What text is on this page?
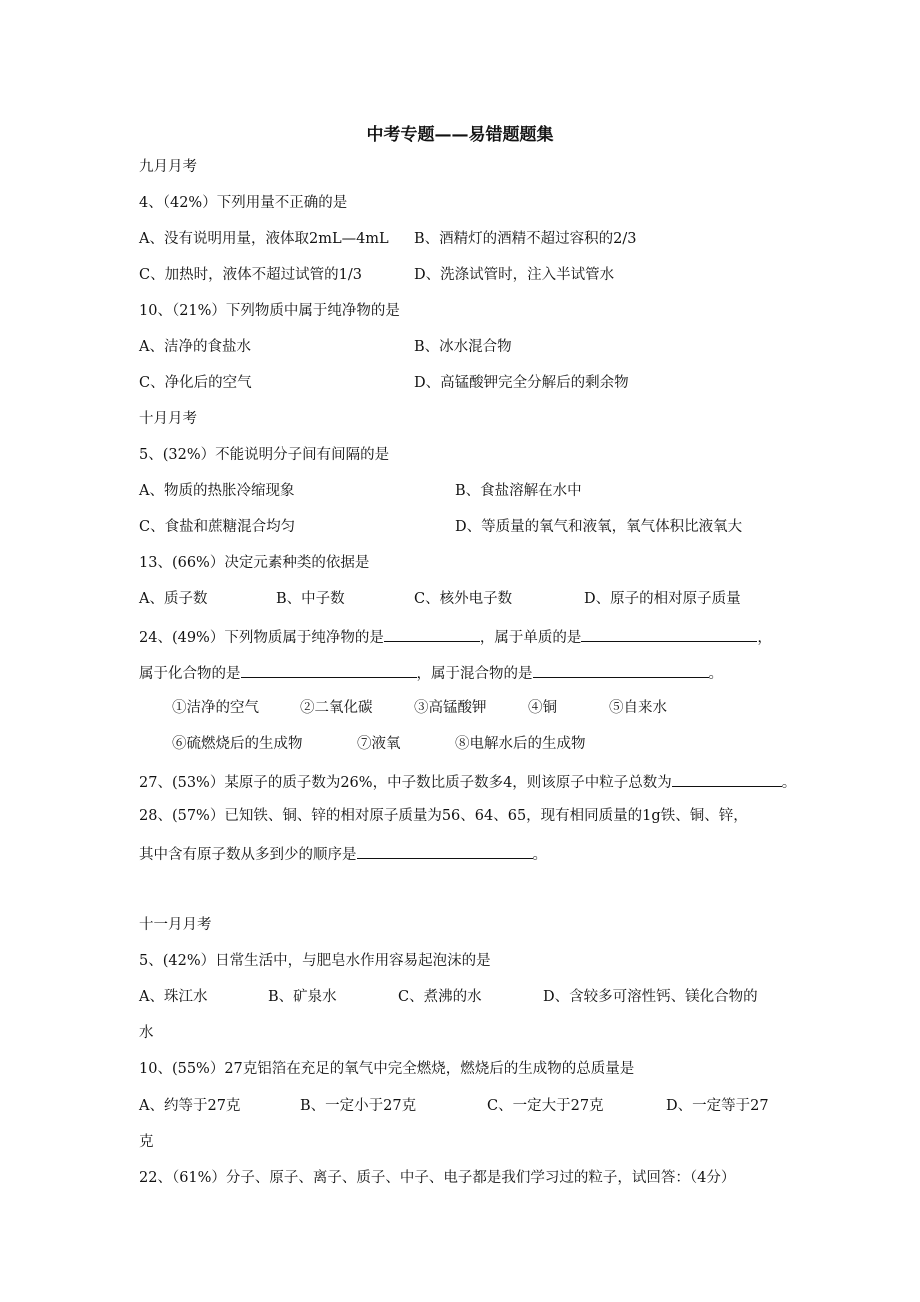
中考专题——易错题题集
九月月考
4、（42%）下列用量不正确的是
A、没有说明用量，液体取2mL—4mL B、酒精灯的酒精不超过容积的2/3
C、加热时，液体不超过试管的1/3	D、洗涤试管时，注入半试管水
10、（21%）下列物质中属于纯净物的是
A、洁净的食盐水	B、冰水混合物
C、净化后的空气	D、高锰酸钾完全分解后的剩余物
十月月考
5、(32%）不能说明分子间有间隔的是
A、物质的热胀冷缩现象	B、食盐溶解在水中
C、食盐和蔗糖混合均匀	D、等质量的氧气和液氧，氧气体积比液氧大
13、(66%）决定元素种类的依据是
A、质子数	B、中子数	C、核外电子数	D、原子的相对原子质量
24、(49%）下列物质属于纯净物的是	，属于单质的是	，
属于化合物的是	，属于混合物的是	。
①洁净的空气	②二氧化碳	③高锰酸钾	④铜	⑤自来水
⑥硫燃烧后的生成物	⑦液氧	⑧电解水后的生成物
27、(53%）某原子的质子数为26%，中子数比质子数多4，则该原子中粒子总数为	。
28、(57%）已知铁、铜、锌的相对原子质量为56、64、65，现有相同质量的1g铁、铜、锌，
其中含有原子数从多到少的顺序是	。
十一月月考
5、(42%）日常生活中，与肥皂水作用容易起泡沫的是
A、珠江水	B、矿泉水	C、煮沸的水	D、含较多可溶性钙、镁化合物的
水
10、(55%）27克铝箔在充足的氧气中完全燃烧，燃烧后的生成物的总质量是
A、约等于27克	B、一定小于27克	C、一定大于27克	D、一定等于27
克
22、（61%）分子、原子、离子、质子、中子、电子都是我们学习过的粒子，试回答：（4分）
